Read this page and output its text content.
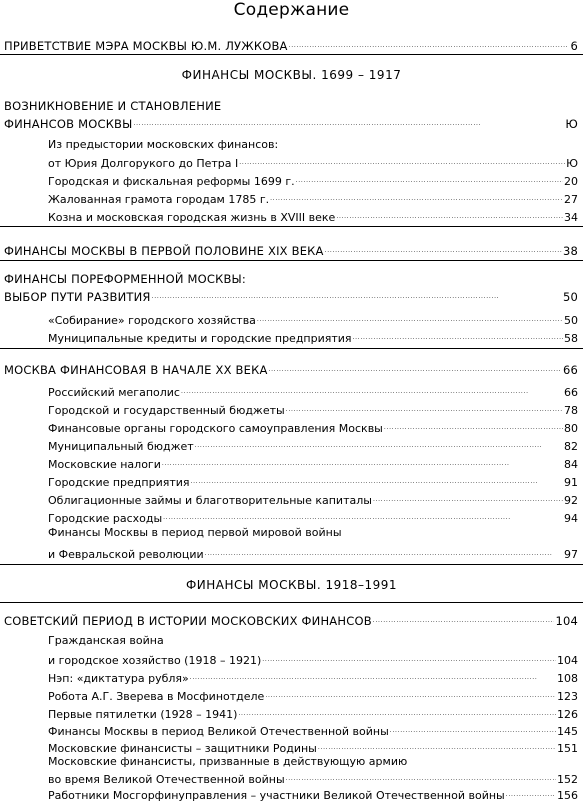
Содержание
ПРИВЕТСТВИЕ МЭРА МОСКВЫ Ю.М. ЛУЖКОВА . . .	6
ФИНАНСЫ МОСКВЫ. 1699 – 1917
ВОЗНИКНОВЕНИЕ И СТАНОВЛЕНИЕ
ФИНАНСОВ МОСКВЫ . . .	Ю
Из предыстории московских финансов:
от Юрия Долгорукого до Петра I . . .	Ю
Городская и фискальная реформы 1699 г. . . .	20
Жалованная грамота городам 1785 г. . . .	27
Козна и московская городская жизнь в XVIII веке . . .	34
ФИНАНСЫ МОСКВЫ В ПЕРВОЙ ПОЛОВИНЕ XIX ВЕКА . . .	38
ФИНАНСЫ ПОРЕФОРМЕННОЙ МОСКВЫ:
ВЫБОР ПУТИ РАЗВИТИЯ . . .	50
«Собирание» городского хозяйства . . .	50
Муниципальные кредиты и городские предприятия . . .	58
МОСКВА ФИНАНСОВАЯ В НАЧАЛЕ XX ВЕКА . . .	66
Российский мегаполис . . .	66
Городской и государственный бюджеты . . .	78
Финансовые органы городского самоуправления Москвы . . .	80
Муниципальный бюджет . . .	82
Московские налоги . . .	84
Городские предприятия . . .	91
Облигационные займы и благотворительные капиталы . . .	92
Городские расходы . . .	94
Финансы Москвы в период первой мировой войны
и Февральской революции . . .	97
ФИНАНСЫ МОСКВЫ. 1918–1991
СОВЕТСКИЙ ПЕРИОД В ИСТОРИИ МОСКОВСКИХ ФИНАНСОВ . . .	104
Гражданская война
и городское хозяйство (1918 – 1921) . . .	104
Нэп: «диктатура рубля» . . .	108
Робота А.Г. Зверева в Мосфинотделе . . .	123
Первые пятилетки (1928 – 1941) . . .	126
Финансы Москвы в период Великой Отечественной войны . . .	145
Московские финансисты – защитники Родины . . .	151
Московские финансисты, призванные в действующую армию
во время Великой Отечественной войны . . .	152
Работники Мосгорфинуправления – участники Великой Отечественной войны . . .	156
